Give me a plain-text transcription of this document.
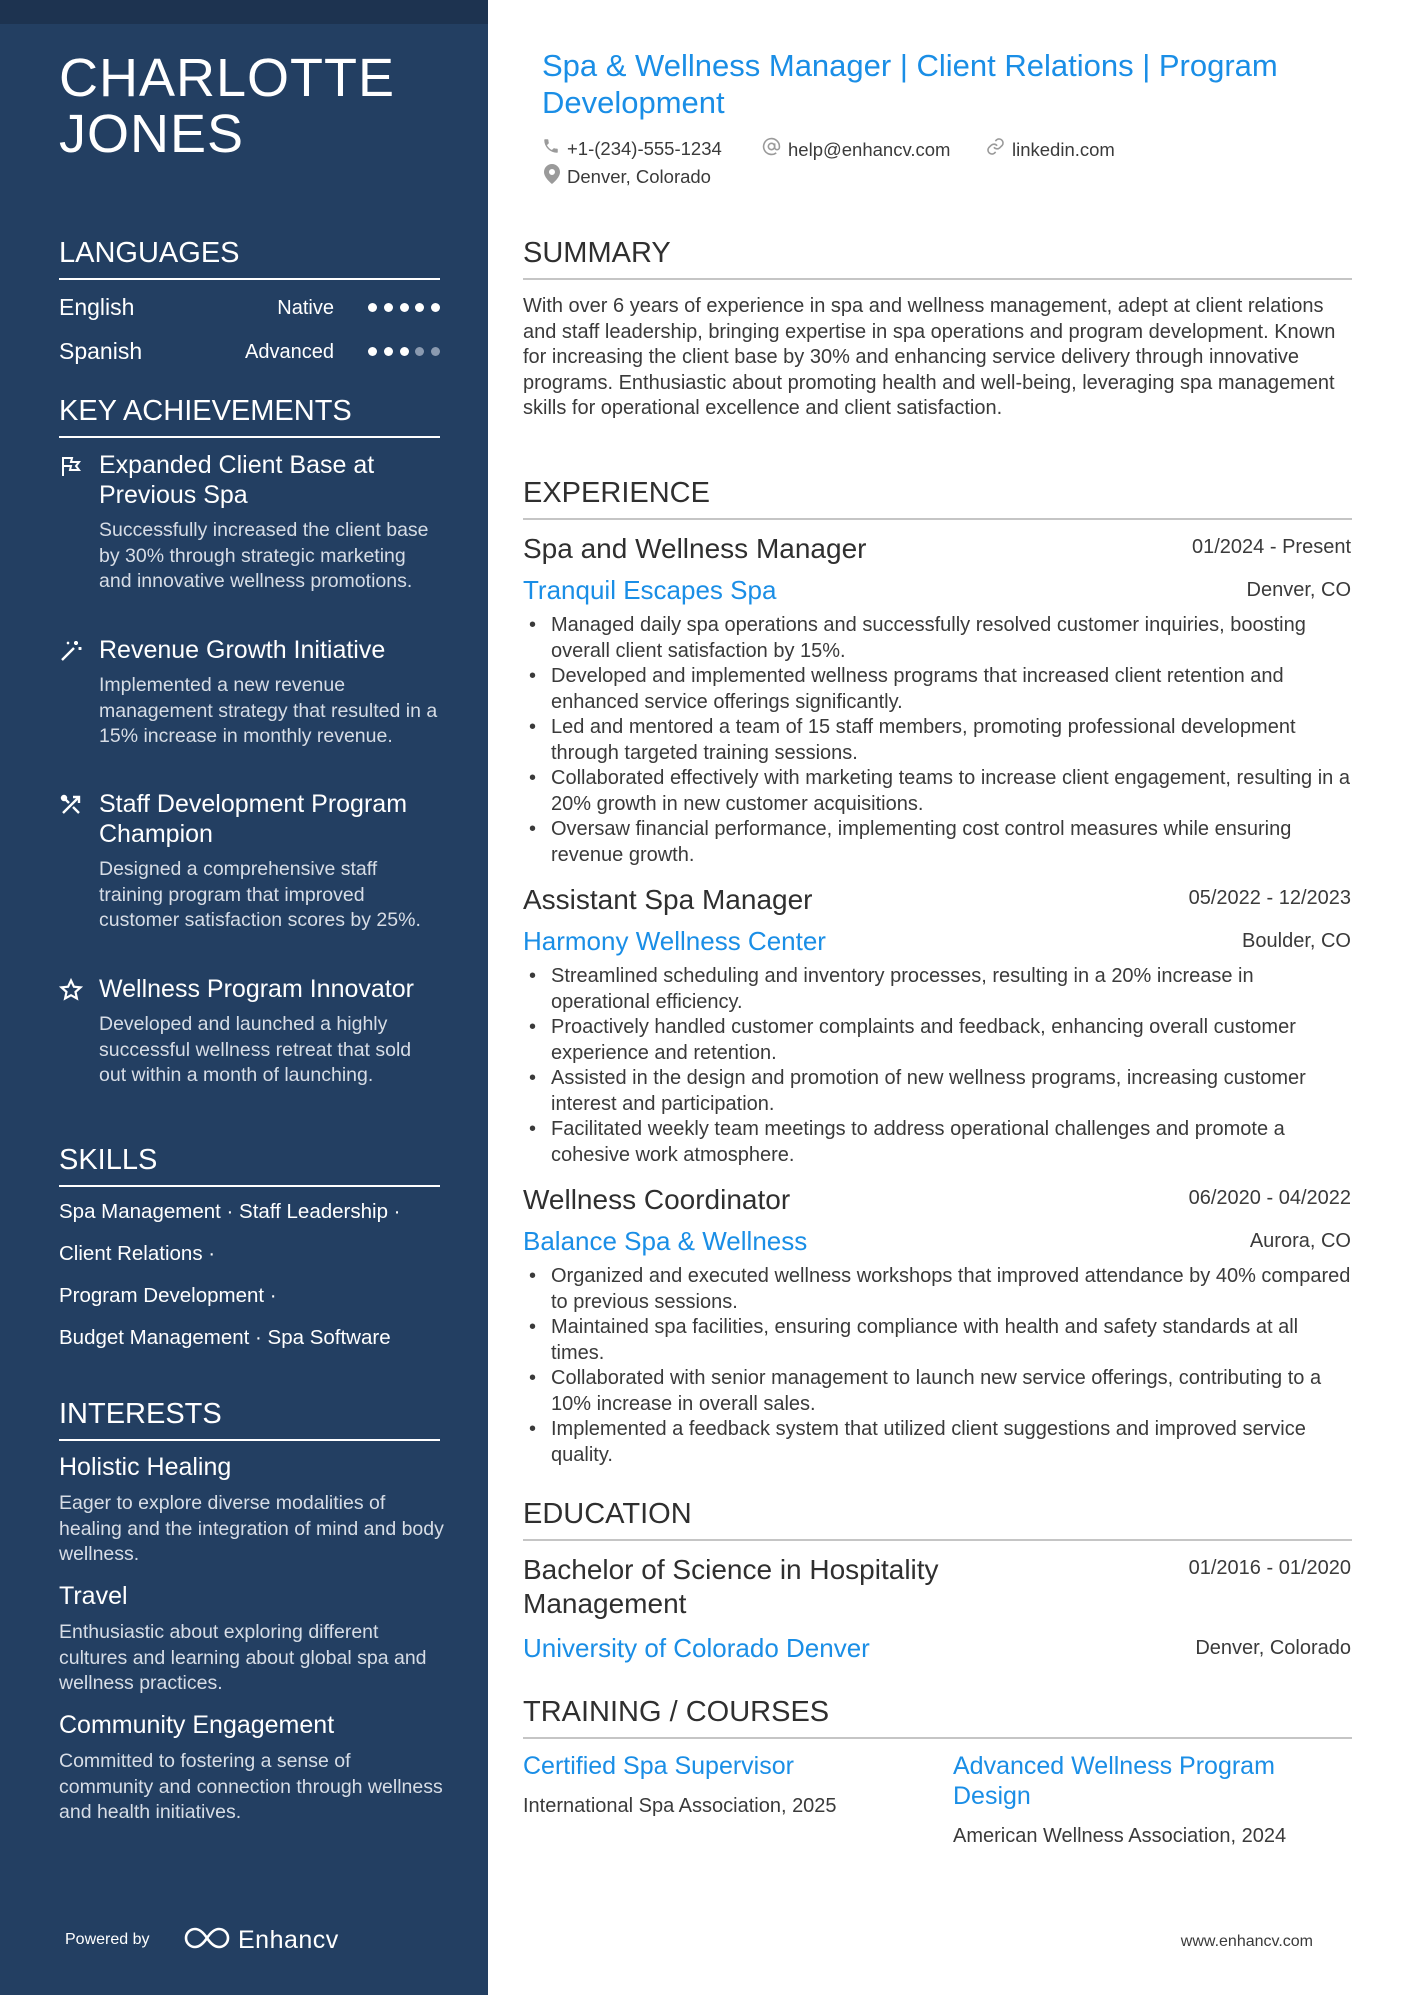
CHARLOTTE JONES
LANGUAGES
English	Native
Spanish	Advanced
KEY ACHIEVEMENTS
Expanded Client Base at Previous Spa
Successfully increased the client base by 30% through strategic marketing and innovative wellness promotions.
Revenue Growth Initiative
Implemented a new revenue management strategy that resulted in a 15% increase in monthly revenue.
Staff Development Program Champion
Designed a comprehensive staff training program that improved customer satisfaction scores by 25%.
Wellness Program Innovator
Developed and launched a highly successful wellness retreat that sold out within a month of launching.
SKILLS
Spa Management · Staff Leadership ·
Client Relations ·
Program Development ·
Budget Management · Spa Software
INTERESTS
Holistic Healing
Eager to explore diverse modalities of healing and the integration of mind and body wellness.
Travel
Enthusiastic about exploring different cultures and learning about global spa and wellness practices.
Community Engagement
Committed to fostering a sense of community and connection through wellness and health initiatives.
Powered by	Enhancv
Spa & Wellness Manager | Client Relations | Program Development
+1-(234)-555-1234	help@enhancv.com	linkedin.com
Denver, Colorado
SUMMARY
With over 6 years of experience in spa and wellness management, adept at client relations and staff leadership, bringing expertise in spa operations and program development. Known for increasing the client base by 30% and enhancing service delivery through innovative programs. Enthusiastic about promoting health and well-being, leveraging spa management skills for operational excellence and client satisfaction.
EXPERIENCE
Spa and Wellness Manager	01/2024 - Present
Tranquil Escapes Spa	Denver, CO
• Managed daily spa operations and successfully resolved customer inquiries, boosting overall client satisfaction by 15%.
• Developed and implemented wellness programs that increased client retention and enhanced service offerings significantly.
• Led and mentored a team of 15 staff members, promoting professional development through targeted training sessions.
• Collaborated effectively with marketing teams to increase client engagement, resulting in a 20% growth in new customer acquisitions.
• Oversaw financial performance, implementing cost control measures while ensuring revenue growth.
Assistant Spa Manager	05/2022 - 12/2023
Harmony Wellness Center	Boulder, CO
• Streamlined scheduling and inventory processes, resulting in a 20% increase in operational efficiency.
• Proactively handled customer complaints and feedback, enhancing overall customer experience and retention.
• Assisted in the design and promotion of new wellness programs, increasing customer interest and participation.
• Facilitated weekly team meetings to address operational challenges and promote a cohesive work atmosphere.
Wellness Coordinator	06/2020 - 04/2022
Balance Spa & Wellness	Aurora, CO
• Organized and executed wellness workshops that improved attendance by 40% compared to previous sessions.
• Maintained spa facilities, ensuring compliance with health and safety standards at all times.
• Collaborated with senior management to launch new service offerings, contributing to a 10% increase in overall sales.
• Implemented a feedback system that utilized client suggestions and improved service quality.
EDUCATION
Bachelor of Science in Hospitality Management
01/2016 - 01/2020
University of Colorado Denver	Denver, Colorado
TRAINING / COURSES
Certified Spa Supervisor
International Spa Association, 2025
Advanced Wellness Program Design
American Wellness Association, 2024
www.enhancv.com
